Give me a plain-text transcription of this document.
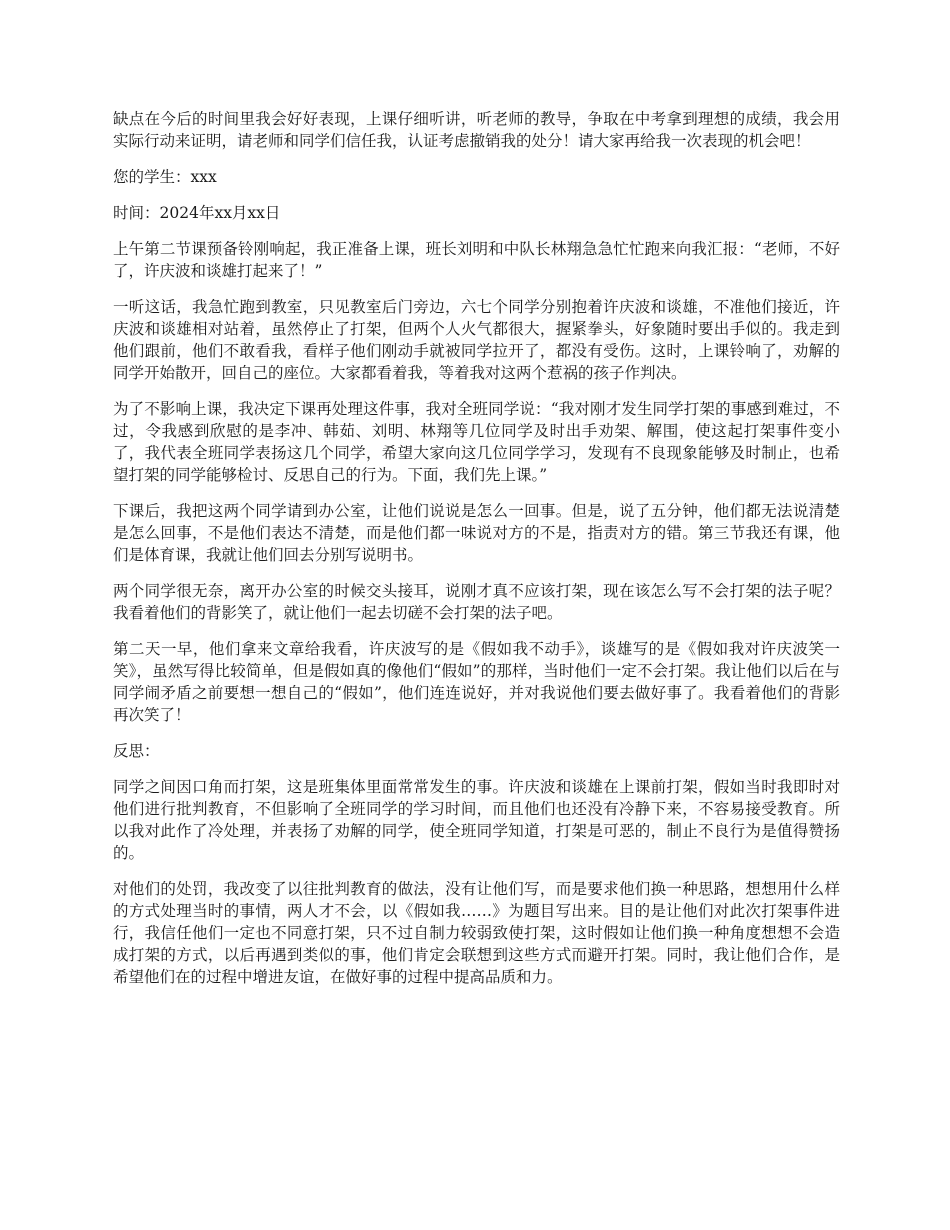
缺点在今后的时间里我会好好表现，上课仔细听讲，听老师的教导，争取在中考拿到理想的成绩，我会用实际行动来证明，请老师和同学们信任我，认证考虑撤销我的处分！请大家再给我一次表现的机会吧！

您的学生：xxx

时间：2024年xx月xx日

上午第二节课预备铃刚响起，我正准备上课，班长刘明和中队长林翔急急忙忙跑来向我汇报：“老师，不好了，许庆波和谈雄打起来了！”

一听这话，我急忙跑到教室，只见教室后门旁边，六七个同学分别抱着许庆波和谈雄，不准他们接近，许庆波和谈雄相对站着，虽然停止了打架，但两个人火气都很大，握紧拳头，好象随时要出手似的。我走到他们跟前，他们不敢看我，看样子他们刚动手就被同学拉开了，都没有受伤。这时，上课铃响了，劝解的同学开始散开，回自己的座位。大家都看着我，等着我对这两个惹祸的孩子作判决。

为了不影响上课，我决定下课再处理这件事，我对全班同学说：“我对刚才发生同学打架的事感到难过，不过，令我感到欣慰的是李冲、韩茹、刘明、林翔等几位同学及时出手劝架、解围，使这起打架事件变小了，我代表全班同学表扬这几个同学，希望大家向这几位同学学习，发现有不良现象能够及时制止，也希望打架的同学能够检讨、反思自己的行为。下面，我们先上课。”

下课后，我把这两个同学请到办公室，让他们说说是怎么一回事。但是，说了五分钟，他们都无法说清楚是怎么回事，不是他们表达不清楚，而是他们都一味说对方的不是，指责对方的错。第三节我还有课，他们是体育课，我就让他们回去分别写说明书。

两个同学很无奈，离开办公室的时候交头接耳，说刚才真不应该打架，现在该怎么写不会打架的法子呢？我看着他们的背影笑了，就让他们一起去切磋不会打架的法子吧。

第二天一早，他们拿来文章给我看，许庆波写的是《假如我不动手》，谈雄写的是《假如我对许庆波笑一笑》，虽然写得比较简单，但是假如真的像他们“假如”的那样，当时他们一定不会打架。我让他们以后在与同学闹矛盾之前要想一想自己的“假如”，他们连连说好，并对我说他们要去做好事了。我看着他们的背影再次笑了！

反思：

同学之间因口角而打架，这是班集体里面常常发生的事。许庆波和谈雄在上课前打架，假如当时我即时对他们进行批判教育，不但影响了全班同学的学习时间，而且他们也还没有冷静下来，不容易接受教育。所以我对此作了冷处理，并表扬了劝解的同学，使全班同学知道，打架是可恶的，制止不良行为是值得赞扬的。

对他们的处罚，我改变了以往批判教育的做法，没有让他们写，而是要求他们换一种思路，想想用什么样的方式处理当时的事情，两人才不会，以《假如我……》为题目写出来。目的是让他们对此次打架事件进行，我信任他们一定也不同意打架，只不过自制力较弱致使打架，这时假如让他们换一种角度想想不会造成打架的方式，以后再遇到类似的事，他们肯定会联想到这些方式而避开打架。同时，我让他们合作，是希望他们在的过程中增进友谊，在做好事的过程中提高品质和力。
